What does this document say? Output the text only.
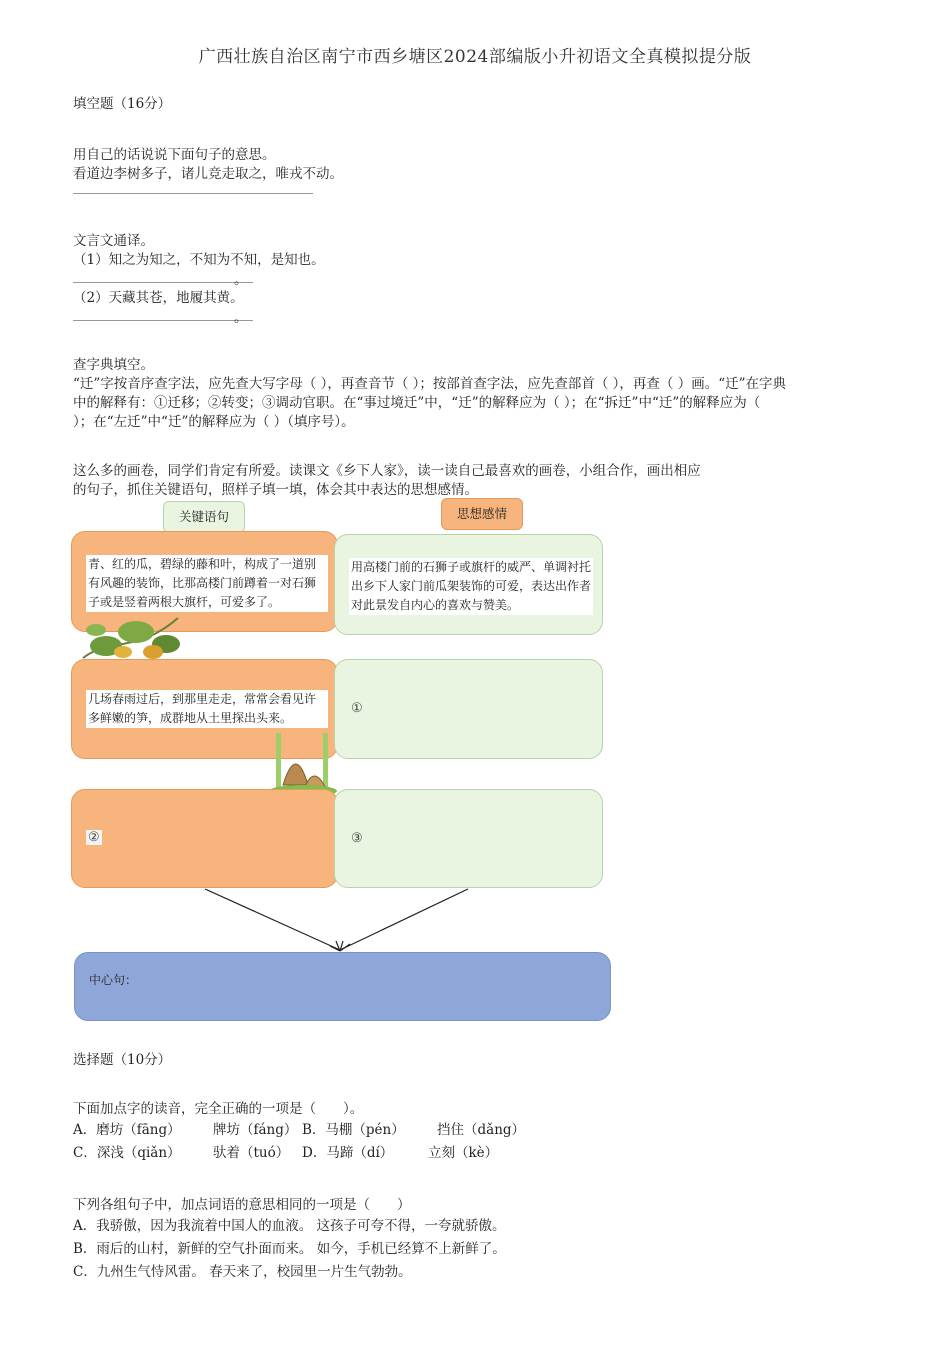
广西壮族自治区南宁市西乡塘区2024部编版小升初语文全真模拟提分版
填空题（16分）
用自己的话说说下面句子的意思。
看道边李树多子，诸儿竞走取之，唯戎不动。
文言文通译。
（1）知之为知之，不知为不知，是知也。
。
（2）天藏其苍，地履其黄。
。
查字典填空。
“迁”字按音序查字法，应先查大写字母（ ），再查音节（ ）；按部首查字法，应先查部首（ ），再查（ ）画。“迁”在字典
中的解释有：①迁移；②转变；③调动官职。在“事过境迁”中，“迁”的解释应为（ ）；在“拆迁”中“迁”的解释应为（
）；在“左迁”中“迁”的解释应为（ ）（填序号）。
这么多的画卷，同学们肯定有所爱。读课文《乡下人家》，读一读自己最喜欢的画卷，小组合作，画出相应
的句子，抓住关键语句，照样子填一填，体会其中表达的思想感情。
关键语句	思想感情
青、红的瓜，碧绿的藤和叶，构成了一道别有风趣的装饰，比那高楼门前蹲着一对石狮子或是竖着两根大旗杆，可爱多了。
用高楼门前的石狮子或旗杆的威严、单调衬托出乡下人家门前瓜架装饰的可爱，表达出作者对此景发自内心的喜欢与赞美。
几场春雨过后，到那里走走，常常会看见许多鲜嫩的笋，成群地从土里探出头来。
①
②	③
中心句：
选择题（10分）
下面加点字的读音，完全正确的一项是（　　）。
A．磨坊（fāng） 牌坊（fáng） B．马棚（pén） 挡住（dǎng）
C．深浅（qiǎn） 驮着（tuó） D．马蹄（dí）	立刻（kè）
下列各组句子中，加点词语的意思相同的一项是（　　）
A．我骄傲，因为我流着中国人的血液。 这孩子可夸不得，一夸就骄傲。
B．雨后的山村，新鲜的空气扑面而来。 如今，手机已经算不上新鲜了。
C．九州生气恃风雷。 春天来了，校园里一片生气勃勃。
